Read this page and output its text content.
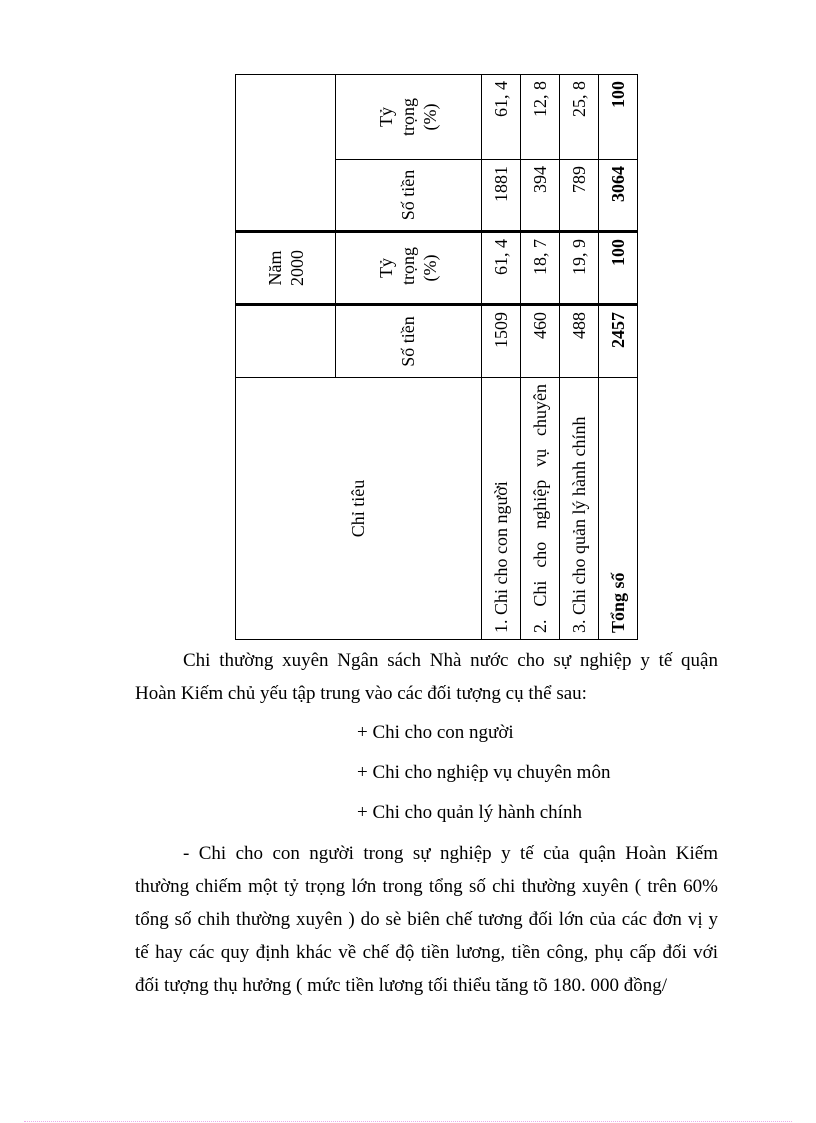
Chỉ tiêu		Năm 2000		
	Số tiền	Tỷ trọng (%)	Số tiền	Tỷ trọng (%)
1. Chi cho con người	1509	61, 4	1881	61, 4
2. Chi cho nghiệp vụ chuyên	460	18, 7	394	12, 8
3. Chi cho quản lý hành chính	488	19, 9	789	25, 8
Tổng số	2457	100	3064	100
Chi thường xuyên Ngân sách Nhà nước cho sự nghiệp y tế quận
Hoàn Kiếm chủ yếu tập trung vào các đối tượng cụ thể sau:
+ Chi cho con người
+ Chi cho nghiệp vụ chuyên môn
+ Chi cho quản lý hành chính
- Chi cho con người trong sự nghiệp y tế của quận Hoàn Kiếm
thường chiếm một tỷ trọng lớn trong tổng số chi thường xuyên ( trên 60%
tổng số chih thường xuyên ) do sè biên chế tương đối lớn của các đơn vị y
tế hay các quy định khác về chế độ tiền lương, tiền công, phụ cấp đối với
đối tượng thụ hưởng ( mức tiền lương tối thiểu tăng tõ 180. 000 đồng/
